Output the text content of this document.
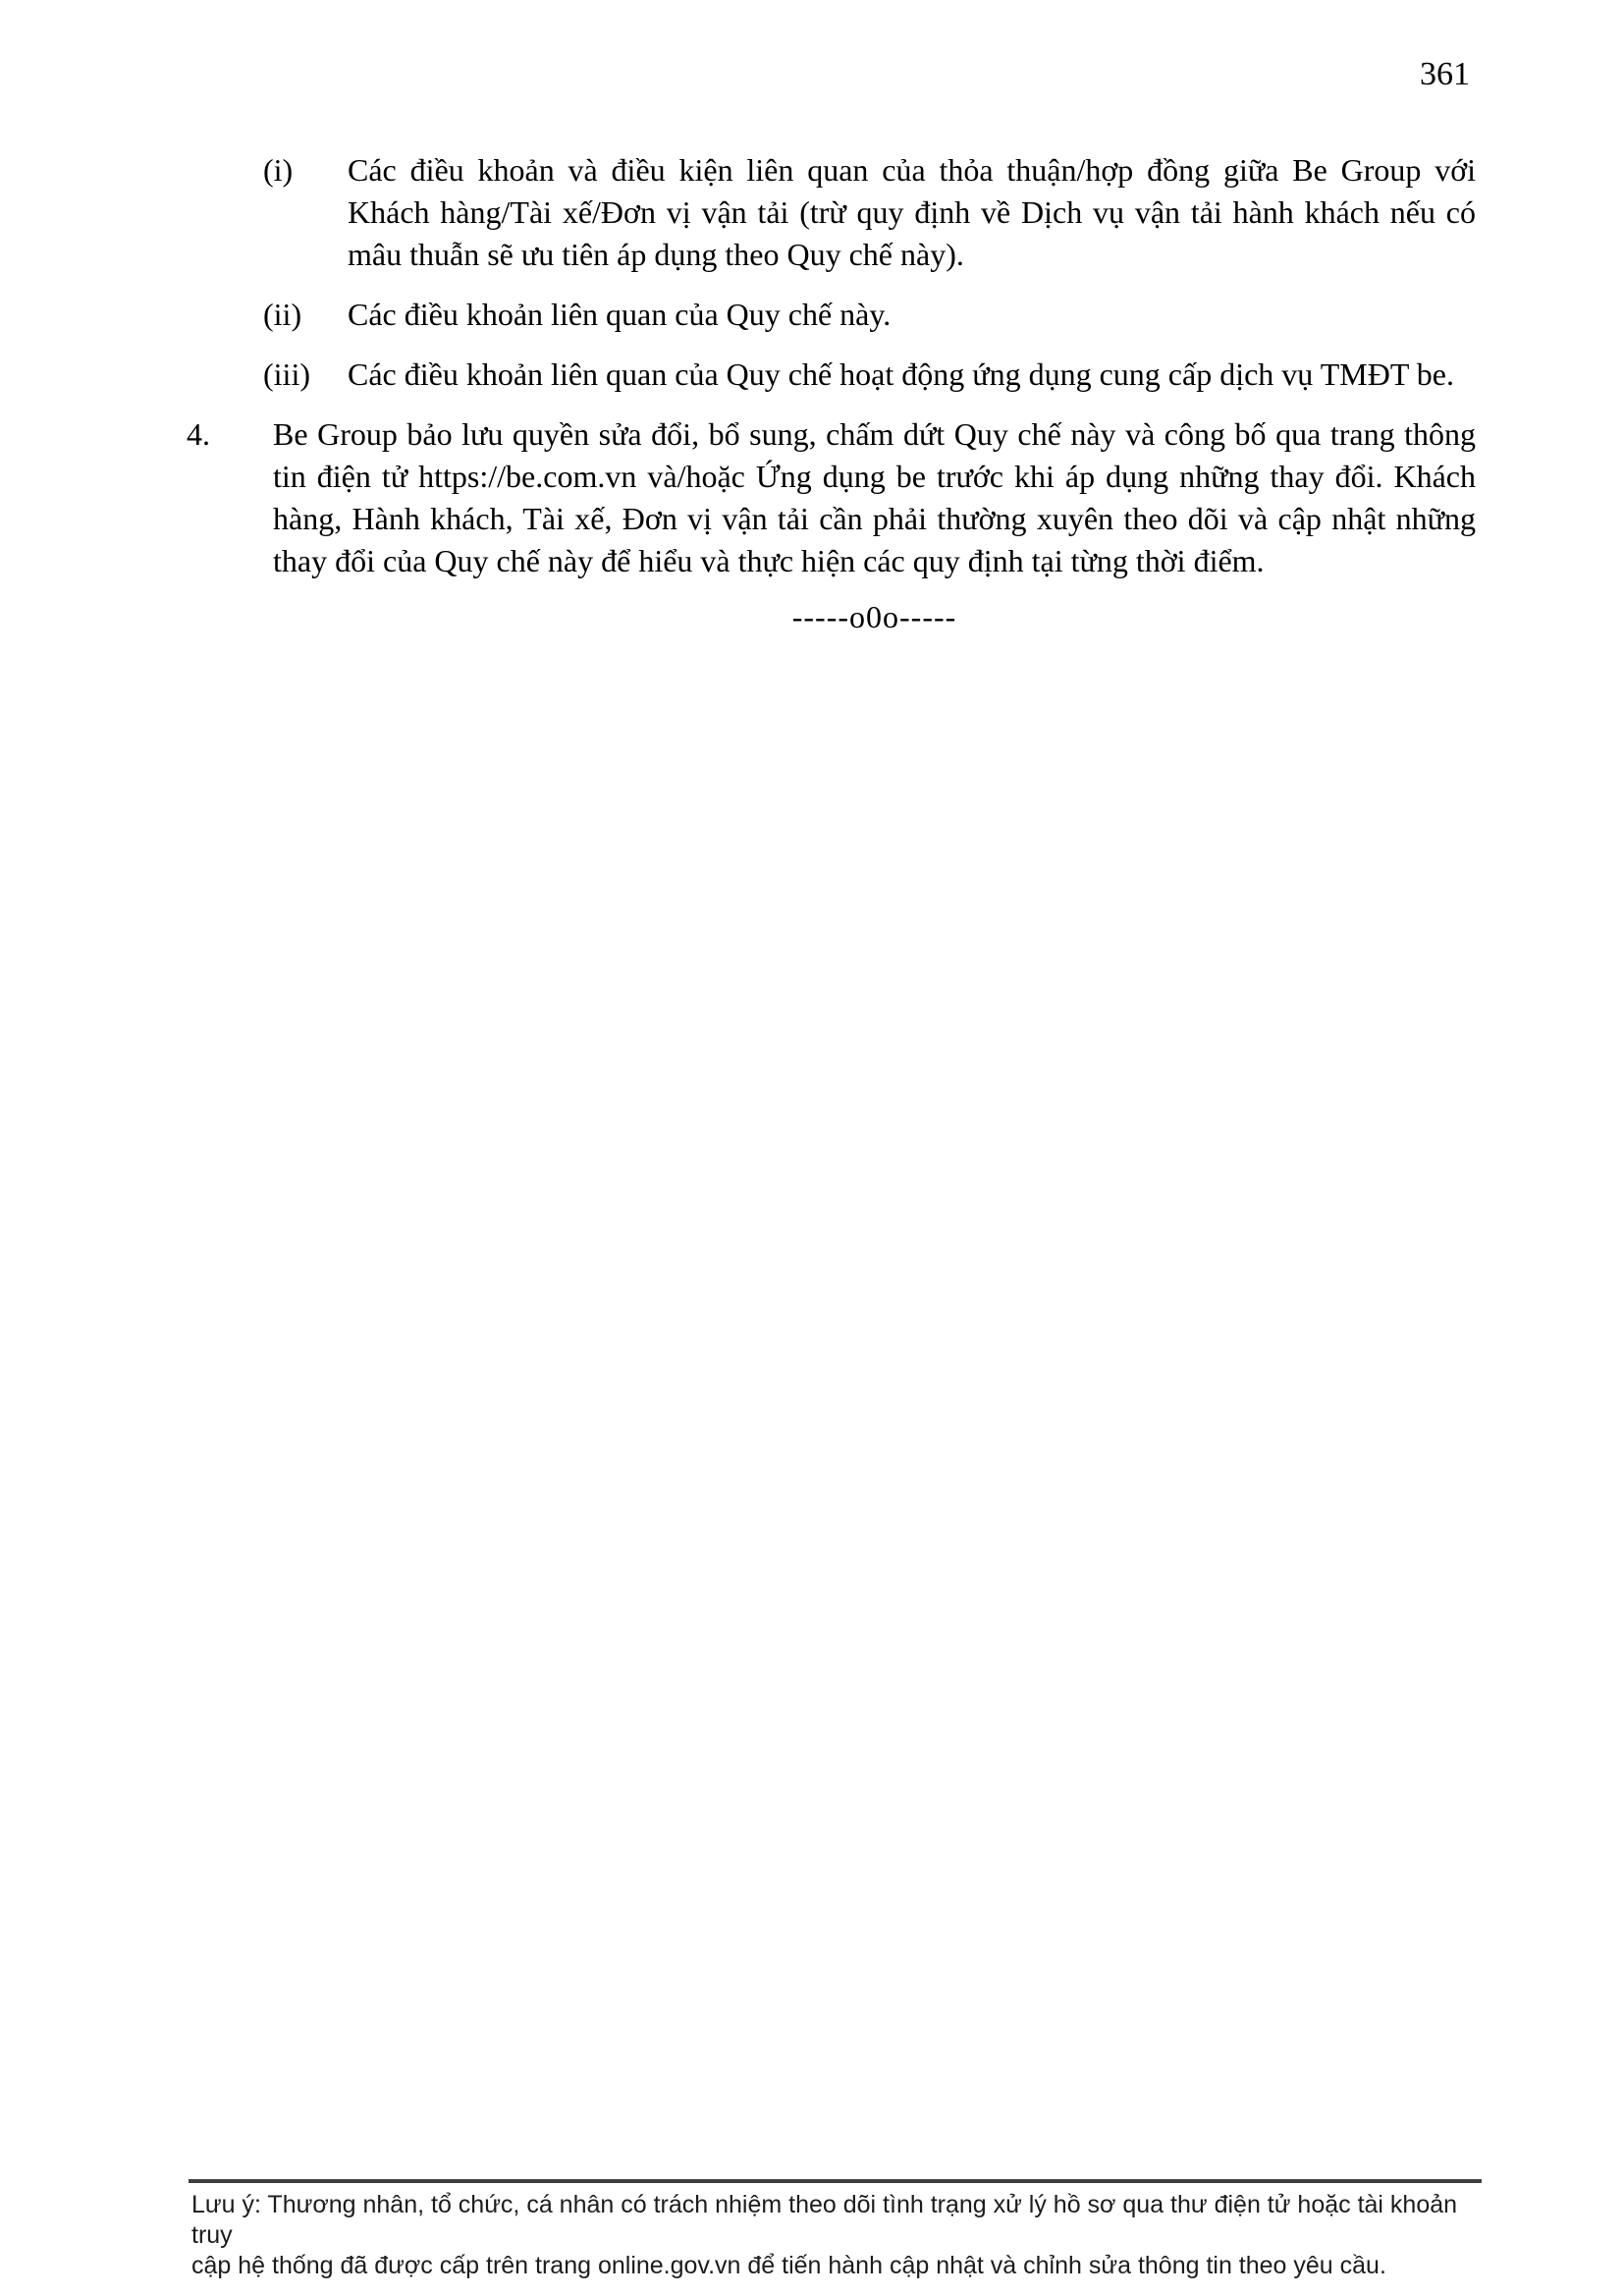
361
(i)	Các điều khoản và điều kiện liên quan của thỏa thuận/hợp đồng giữa Be Group với Khách hàng/Tài xế/Đơn vị vận tải (trừ quy định về Dịch vụ vận tải hành khách nếu có mâu thuẫn sẽ ưu tiên áp dụng theo Quy chế này).

(ii)	Các điều khoản liên quan của Quy chế này.

(iii)	Các điều khoản liên quan của Quy chế hoạt động ứng dụng cung cấp dịch vụ TMĐT be.

4.	Be Group bảo lưu quyền sửa đổi, bổ sung, chấm dứt Quy chế này và công bố qua trang thông tin điện tử https://be.com.vn và/hoặc Ứng dụng be trước khi áp dụng những thay đổi. Khách hàng, Hành khách, Tài xế, Đơn vị vận tải cần phải thường xuyên theo dõi và cập nhật những thay đổi của Quy chế này để hiểu và thực hiện các quy định tại từng thời điểm.

-----o0o-----
Lưu ý: Thương nhân, tổ chức, cá nhân có trách nhiệm theo dõi tình trạng xử lý hồ sơ qua thư điện tử hoặc tài khoản truy
cập hệ thống đã được cấp trên trang online.gov.vn để tiến hành cập nhật và chỉnh sửa thông tin theo yêu cầu.
